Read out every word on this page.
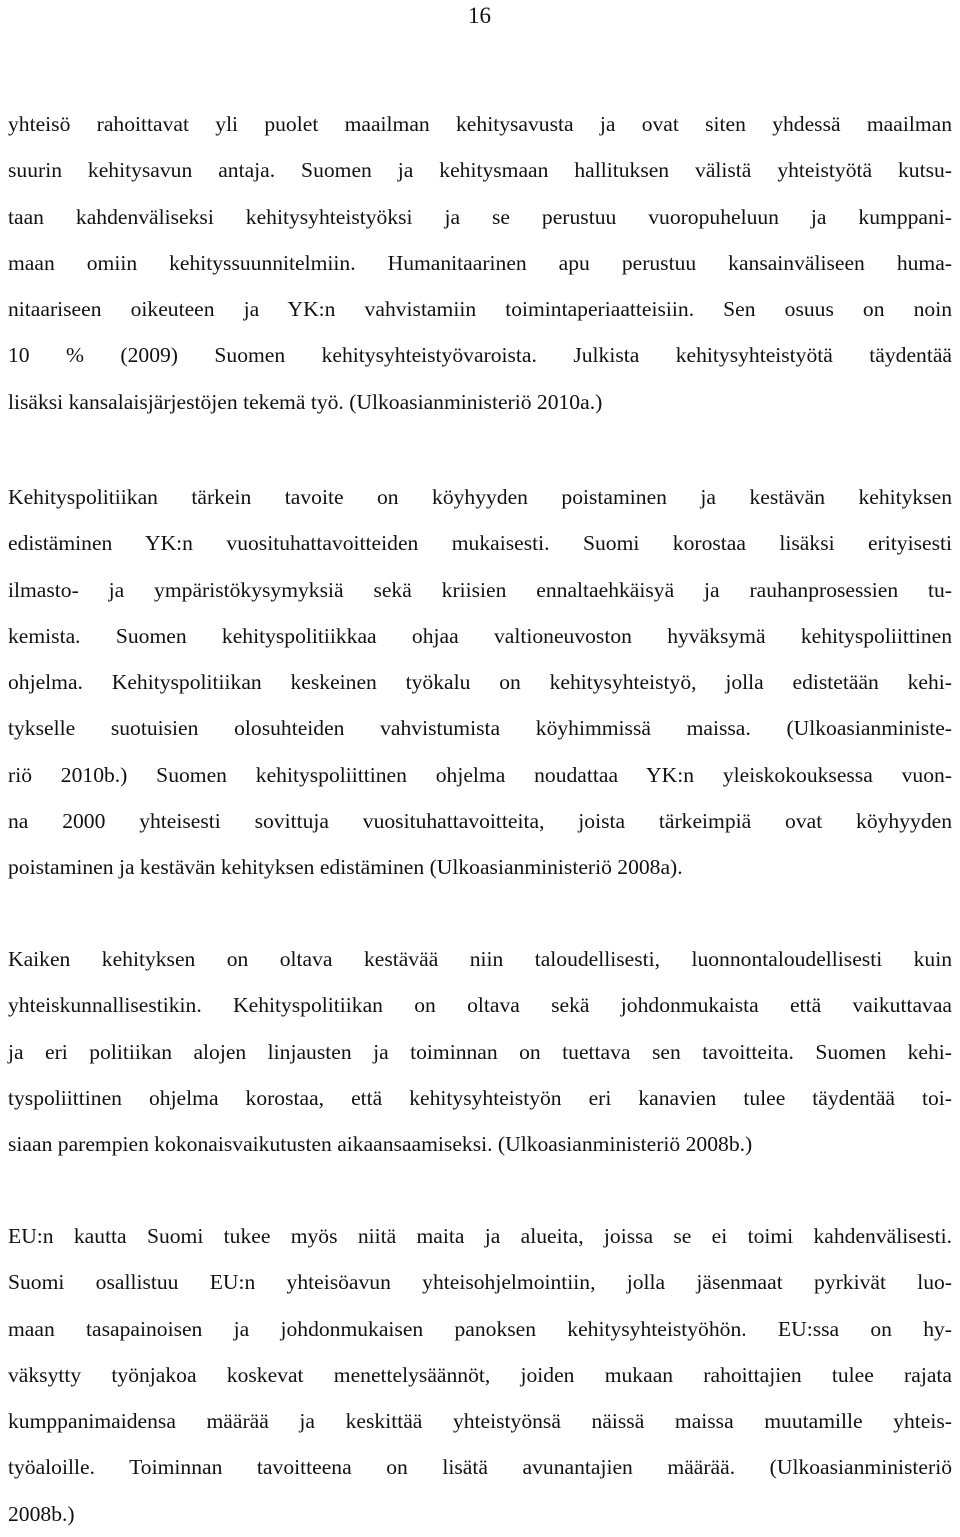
16
yhteisö rahoittavat yli puolet maailman kehitysavusta ja ovat siten yhdessä maailman
suurin kehitysavun antaja. Suomen ja kehitysmaan hallituksen välistä yhteistyötä kutsu-
taan kahdenväliseksi kehitysyhteistyöksi ja se perustuu vuoropuheluun ja kumppani-
maan omiin kehityssuunnitelmiin. Humanitaarinen apu perustuu kansainväliseen huma-
nitaariseen oikeuteen ja YK:n vahvistamiin toimintaperiaatteisiin. Sen osuus on noin
10 % (2009) Suomen kehitysyhteistyövaroista. Julkista kehitysyhteistyötä täydentää
lisäksi kansalaisjärjestöjen tekemä työ. (Ulkoasianministeriö 2010a.)
Kehityspolitiikan tärkein tavoite on köyhyyden poistaminen ja kestävän kehityksen
edistäminen YK:n vuosituhattavoitteiden mukaisesti. Suomi korostaa lisäksi erityisesti
ilmasto- ja ympäristökysymyksiä sekä kriisien ennaltaehkäisyä ja rauhanprosessien tu-
kemista. Suomen kehityspolitiikkaa ohjaa valtioneuvoston hyväksymä kehityspoliittinen
ohjelma. Kehityspolitiikan keskeinen työkalu on kehitysyhteistyö, jolla edistetään kehi-
tykselle suotuisien olosuhteiden vahvistumista köyhimmissä maissa. (Ulkoasianministe-
riö 2010b.) Suomen kehityspoliittinen ohjelma noudattaa YK:n yleiskokouksessa vuon-
na 2000 yhteisesti sovittuja vuosituhattavoitteita, joista tärkeimpiä ovat köyhyyden
poistaminen ja kestävän kehityksen edistäminen (Ulkoasianministeriö 2008a).
Kaiken kehityksen on oltava kestävää niin taloudellisesti, luonnontaloudellisesti kuin
yhteiskunnallisestikin. Kehityspolitiikan on oltava sekä johdonmukaista että vaikuttavaa
ja eri politiikan alojen linjausten ja toiminnan on tuettava sen tavoitteita. Suomen kehi-
tyspoliittinen ohjelma korostaa, että kehitysyhteistyön eri kanavien tulee täydentää toi-
siaan parempien kokonaisvaikutusten aikaansaamiseksi. (Ulkoasianministeriö 2008b.)
EU:n kautta Suomi tukee myös niitä maita ja alueita, joissa se ei toimi kahdenvälisesti.
Suomi osallistuu EU:n yhteisöavun yhteisohjelmointiin, jolla jäsenmaat pyrkivät luo-
maan tasapainoisen ja johdonmukaisen panoksen kehitysyhteistyöhön. EU:ssa on hy-
väksytty työnjakoa koskevat menettelysäännöt, joiden mukaan rahoittajien tulee rajata
kumppanimaidensa määrää ja keskittää yhteistyönsä näissä maissa muutamille yhteis-
työaloille. Toiminnan tavoitteena on lisätä avunantajien määrää. (Ulkoasianministeriö
2008b.)
